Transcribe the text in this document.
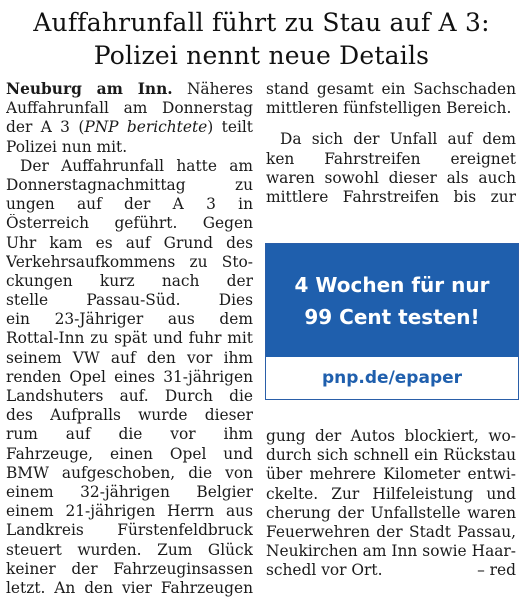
Auffahrunfall führt zu Stau auf A 3:
Polizei nennt neue Details
Neuburg am Inn. Näheres
Auffahrunfall am Donnerstag
der A 3 (PNP berichtete) teilt
Polizei nun mit.
Der Auffahrunfall hatte am
Donnerstagnachmittag zu
ungen auf der A 3 in
Österreich geführt. Gegen
Uhr kam es auf Grund des
Verkehrsaufkommens zu Sto-
ckungen kurz nach der
stelle Passau-Süd. Dies
ein 23-Jähriger aus dem
Rottal-Inn zu spät und fuhr mit
seinem VW auf den vor ihm
renden Opel eines 31-jährigen
Landshuters auf. Durch die
des Aufpralls wurde dieser
rum auf die vor ihm
Fahrzeuge, einen Opel und
BMW aufgeschoben, die von
einem 32-jährigen Belgier
einem 21-jährigen Herrn aus
Landkreis Fürstenfeldbruck
steuert wurden. Zum Glück
keiner der Fahrzeuginsassen
letzt. An den vier Fahrzeugen
stand gesamt ein Sachschaden
mittleren fünfstelligen Bereich.
Da sich der Unfall auf dem
ken Fahrstreifen ereignet
waren sowohl dieser als auch
mittlere Fahrstreifen bis zur
4 Wochen für nur
99 Cent testen!
pnp.de/epaper
gung der Autos blockiert, wo-
durch sich schnell ein Rückstau
über mehrere Kilometer entwi-
ckelte. Zur Hilfeleistung und
cherung der Unfallstelle waren
Feuerwehren der Stadt Passau,
Neukirchen am Inn sowie Haar-
schedl vor Ort.	– red
